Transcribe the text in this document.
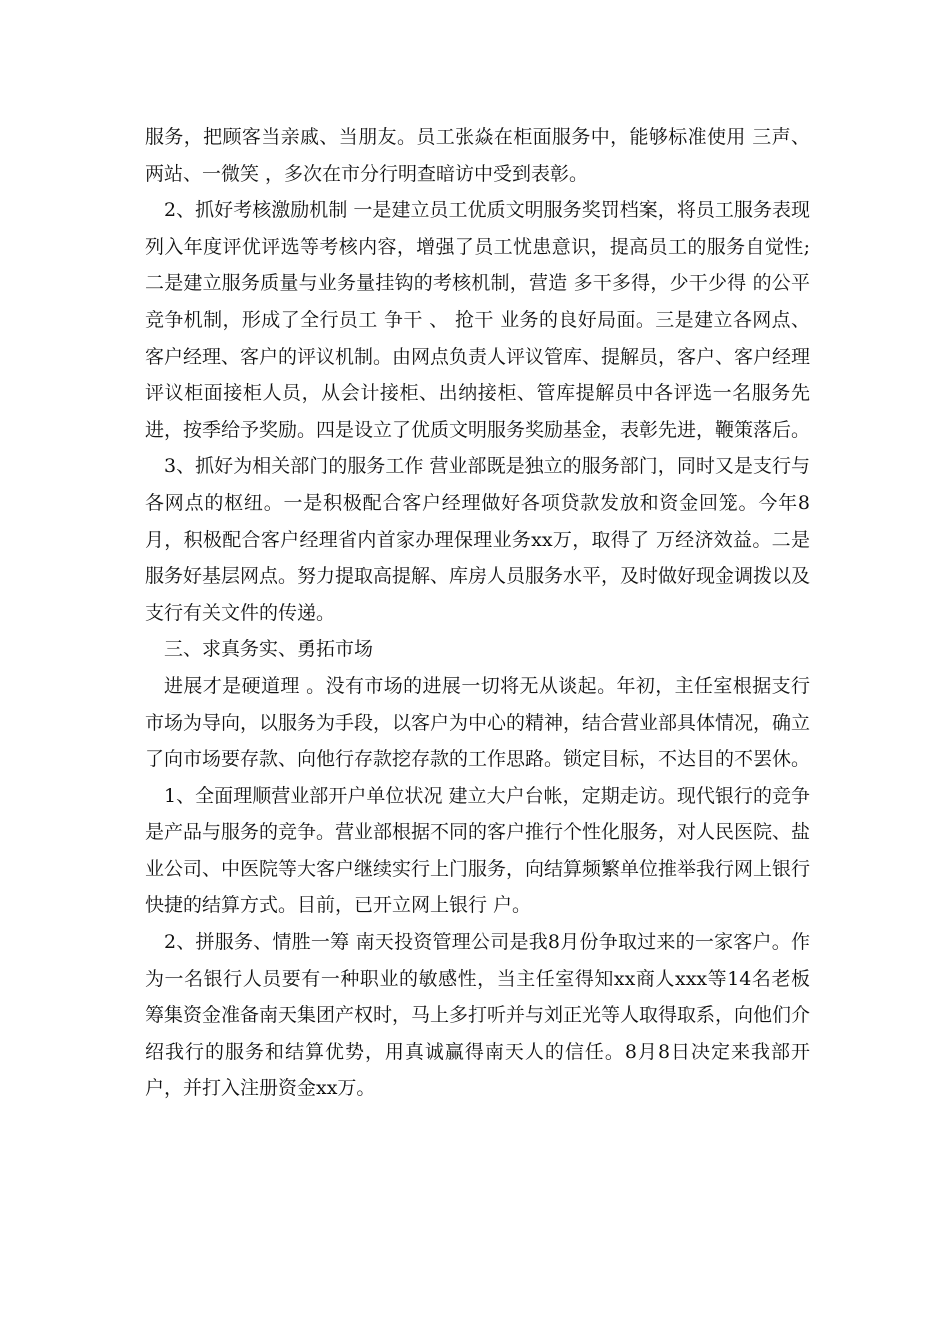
服务，把顾客当亲戚、当朋友。员工张焱在柜面服务中，能够标准使用 三声、两站、一微笑 ，多次在市分行明查暗访中受到表彰。

2、抓好考核激励机制 一是建立员工优质文明服务奖罚档案，将员工服务表现列入年度评优评选等考核内容，增强了员工忧患意识，提高员工的服务自觉性;二是建立服务质量与业务量挂钩的考核机制，营造 多干多得，少干少得 的公平竞争机制，形成了全行员工 争干 、 抢干 业务的良好局面。三是建立各网点、客户经理、客户的评议机制。由网点负责人评议管库、提解员，客户、客户经理评议柜面接柜人员，从会计接柜、出纳接柜、管库提解员中各评选一名服务先进，按季给予奖励。四是设立了优质文明服务奖励基金，表彰先进，鞭策落后。

3、抓好为相关部门的服务工作 营业部既是独立的服务部门，同时又是支行与各网点的枢纽。一是积极配合客户经理做好各项贷款发放和资金回笼。今年8月，积极配合客户经理省内首家办理保理业务xx万，取得了 万经济效益。二是服务好基层网点。努力提取高提解、库房人员服务水平，及时做好现金调拨以及支行有关文件的传递。

三、求真务实、勇拓市场

进展才是硬道理 。没有市场的进展一切将无从谈起。年初，主任室根据支行市场为导向，以服务为手段，以客户为中心的精神，结合营业部具体情况，确立了向市场要存款、向他行存款挖存款的工作思路。锁定目标，不达目的不罢休。

1、全面理顺营业部开户单位状况 建立大户台帐，定期走访。现代银行的竞争是产品与服务的竞争。营业部根据不同的客户推行个性化服务，对人民医院、盐业公司、中医院等大客户继续实行上门服务，向结算频繁单位推举我行网上银行快捷的结算方式。目前，已开立网上银行 户。

2、拼服务、情胜一筹 南天投资管理公司是我8月份争取过来的一家客户。作为一名银行人员要有一种职业的敏感性，当主任室得知xx商人xxx等14名老板筹集资金准备南天集团产权时，马上多打听并与刘正光等人取得取系，向他们介绍我行的服务和结算优势，用真诚赢得南天人的信任。8月8日决定来我部开户，并打入注册资金xx万。
